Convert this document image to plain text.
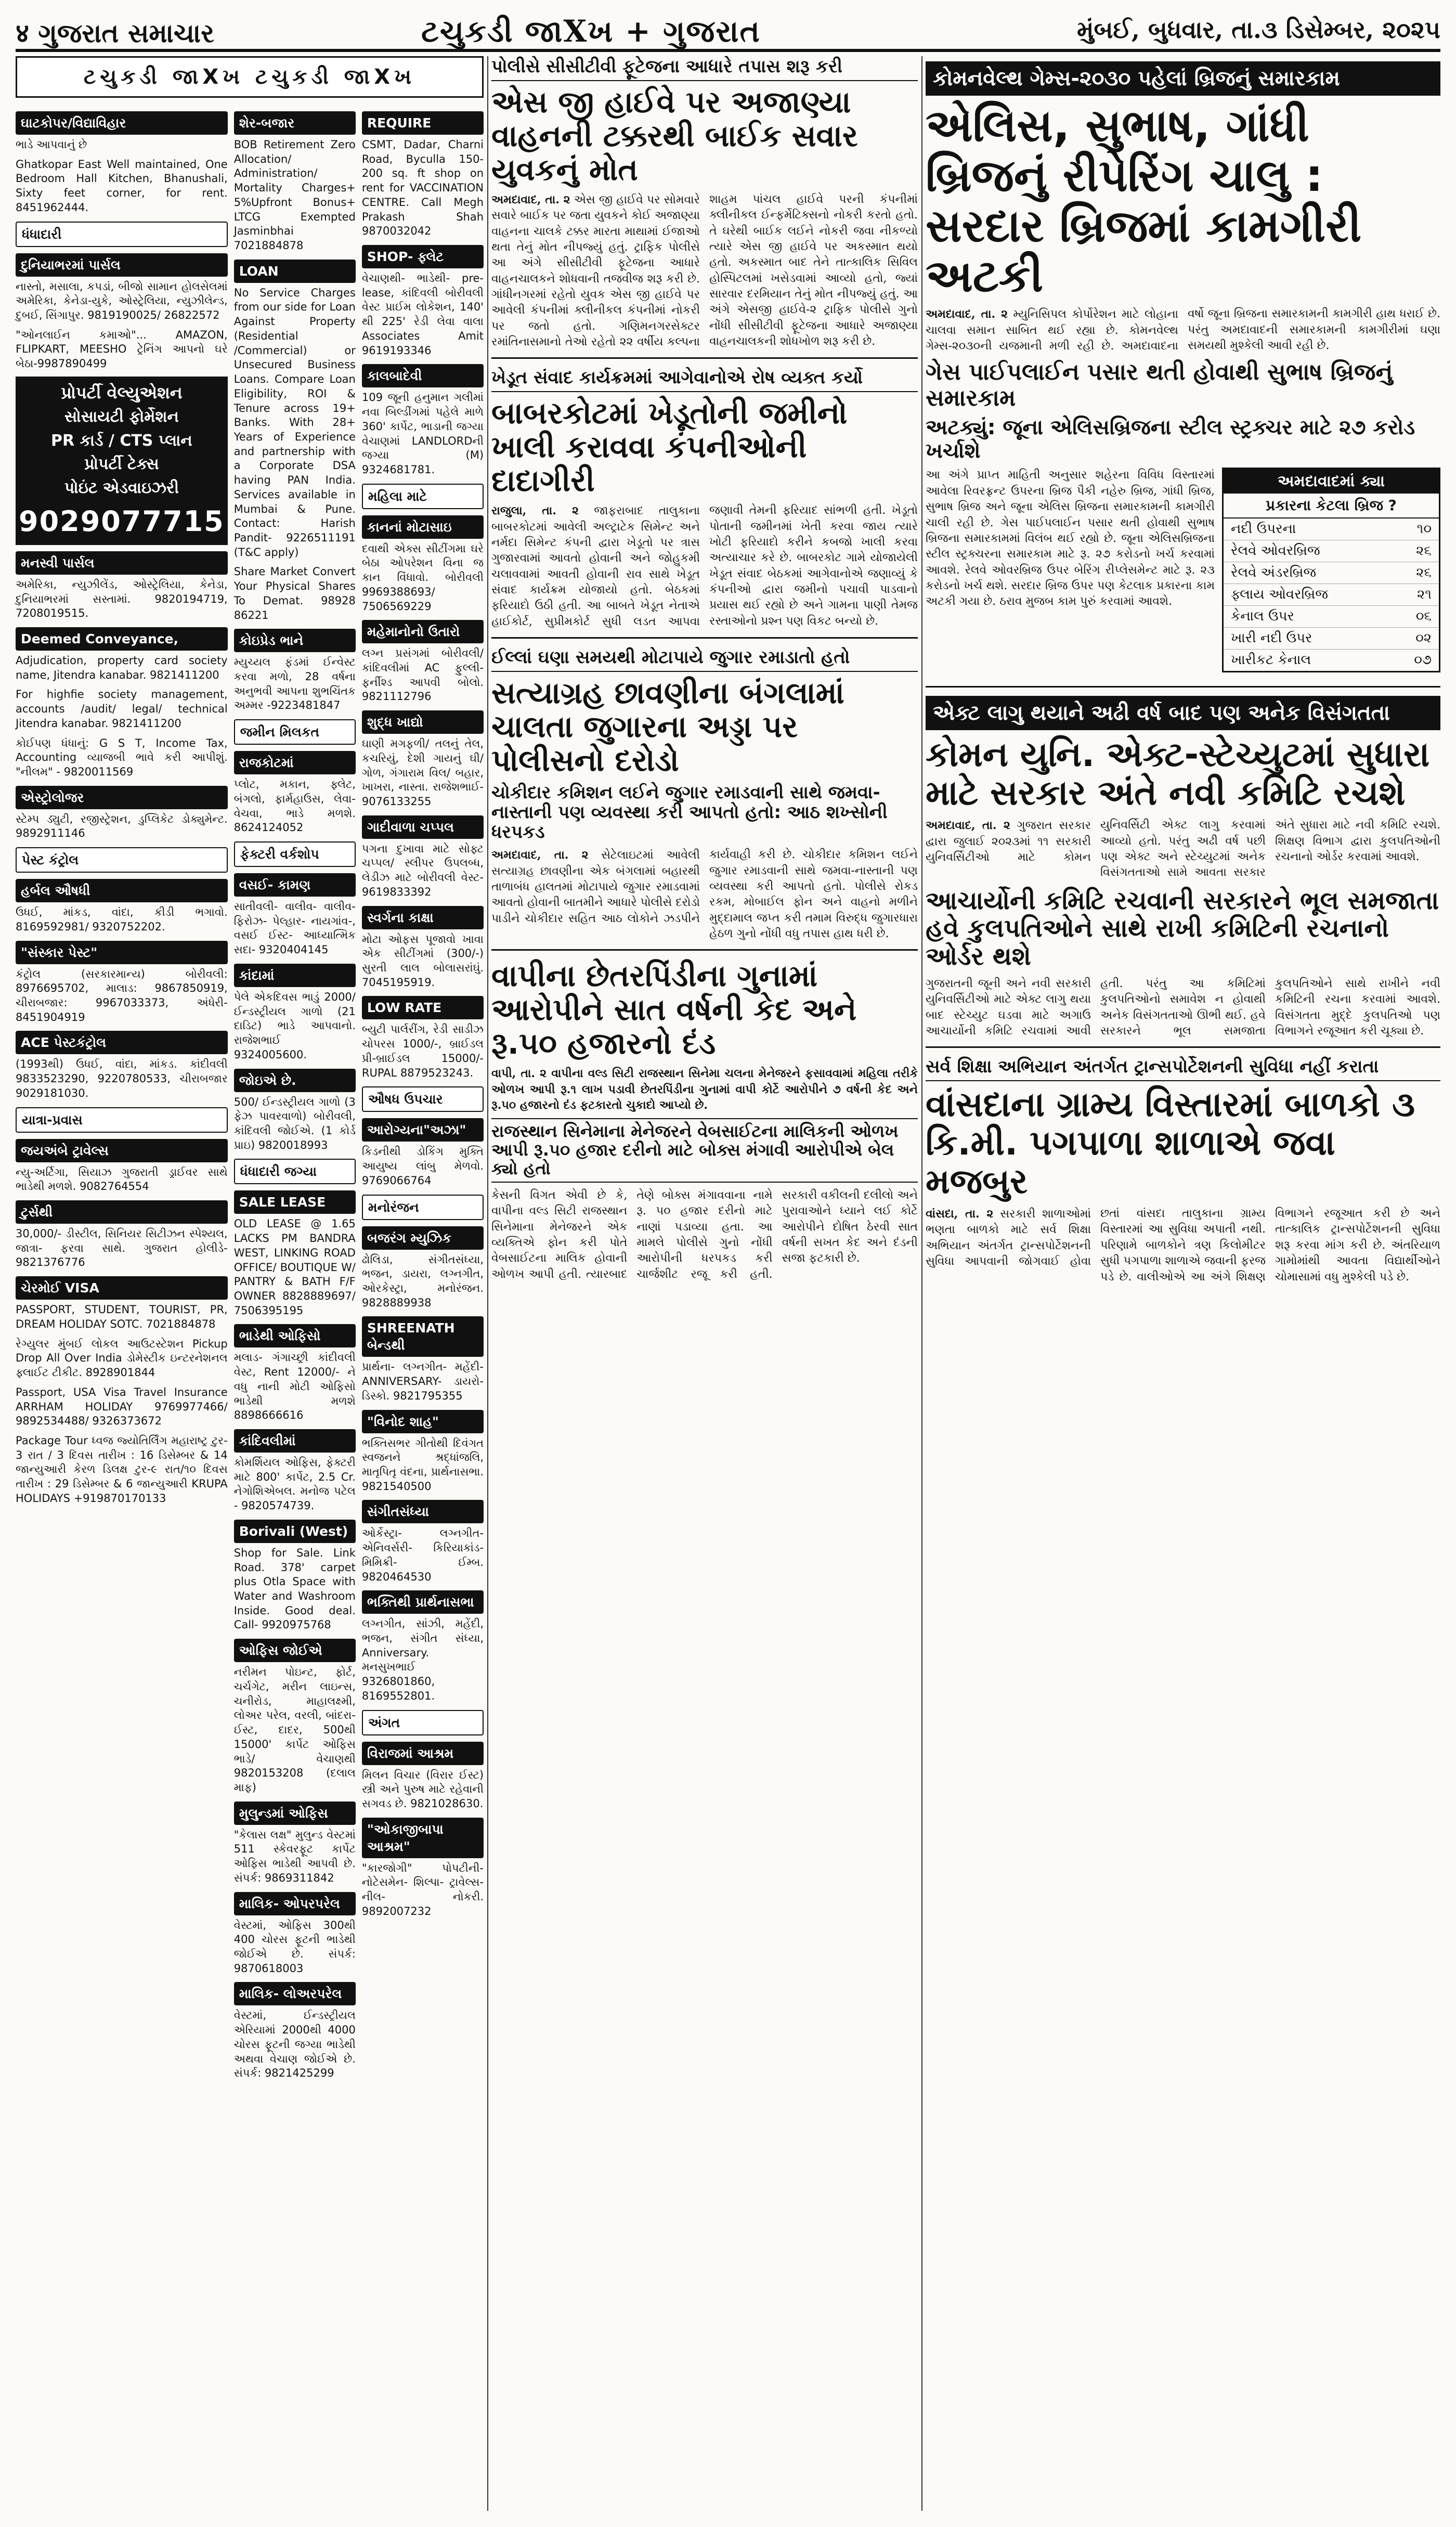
४ ગુજરાત સમાચાર	ટચુકડી જાXખ + ગુજરાત	મુંબઈ, બુધવાર, તા.૩ ડિસેમ્બર, ૨૦૨૫
ટચુકડી જાXખ ટચુકડી જાXખ
ઘાટકોપર/વિદ્યાવિહાર
ભાડે આપવાનું છે
Ghatkopar East Well maintained, One Bedroom Hall Kitchen, Bhanushali, Sixty feet corner, for rent. 8451962444.
ધંધાદારી
દુનિયાભરમાં પાર્સલ
નાસ્તો, મસાલા, કપડાં, બીજો સામાન હોલસેલમાં અમેરિકા, કેનેડા-યુકે, ઓસ્ટ્રેલિયા, ન્યુઝીલેન્ડ, દુબઈ, સિંગાપુર. 9819190025/ 26822572
"ઓનલાઈન કમાઓ"... AMAZON, FLIPKART, MEESHO ટ્રેનિંગ આપનો ઘરે બેઠા-9987890499
પ્રોપર્ટી વેલ્યુએશન
સોસાયટી ફોર્મેશન
PR કાર્ડ / CTS પ્લાન
પ્રોપર્ટી ટેક્સ
પોઇંટ એડવાઇઝરી
9029077715
મનસ્વી પાર્સલ
અમેરિકા, ન્યુઝીલેંડ, ઓસ્ટ્રેલિયા, કેનેડા, દુનિયાભરમાં સસ્તામાં. 9820194719, 7208019515.
Deemed Conveyance,
Adjudication, property card society name, Jitendra kanabar. 9821411200
For highfie society management, accounts /audit/ legal/ technical Jitendra kanabar. 9821411200
કોઈપણ ધંધાનું: G S T, Income Tax, Accounting વ્યાજબી ભાવે કરી આપીશું. "નીલમ" - 9820011569
એસ્ટ્રોલોજર
સ્ટેમ્પ ડ્યુટી, રજીસ્ટ્રેશન, ડુપ્લિકેટ ડોક્યુમેન્ટ. 9892911146
પેસ્ટ કંટ્રોલ
હર્બલ ઔષધી
ઉધઈ, માંકડ, વાંદા, કીડી ભગાવો. 8169592981/ 9320752202.
"સંસ્કાર પેસ્ટ"
કંટ્રોલ (સરકારમાન્ય) બોરીવલી: 8976695702, માલાડ: 9867850919, ચીરાબજાર: 9967033373, અંધેરી- 8451904919
ACE પેસ્ટકંટ્રોલ
(1993થી) ઉધઈ, વાંદા, માંકડ. કાંદીવલી 9833523290, 9220780533, ચીરાબજાર 9029181030.
યાત્રા-પ્રવાસ
જયઅંબે ટ્રાવેલ્સ
ન્યુ-અર્ટિગા, સિયાઝ ગુજરાતી ડ્રાઈવર સાથે ભાડેથી મળશે. 9082764554
ટુર્સથી
30,000/- ડીસ્ટીલ, સિનિયર સિટીઝન સ્પેશ્યલ, જાત્રા- ફરવા સાથે. ગુજરાત હોલીડે- 9821376776
ચેરમોઈ VISA
PASSPORT, STUDENT, TOURIST, PR, DREAM HOLIDAY SOTC. 7021884878
રેગ્યુલર મુંબઈ લોકલ આઉટસ્ટેશન Pickup Drop All Over India ડોમેસ્ટીક ઇન્ટરનેશનલ ફ્લાઈટ ટીકીટ. 8928901844
Passport, USA Visa Travel Insurance ARRHAM HOLIDAY 9769977466/ 9892534488/ 9326373672
Package Tour ધ્વજ જ્યોતિર્લિંગ મહારાષ્ટ્ર ટુર- 3 રાત / 3 દિવસ તારીખ : 16 ડિસેમ્બર & 14 જાન્યુઆરી કેરળ ડિલક્ષ ટુર-૯ રાત/૧૦ દિવસ તારીખ : 29 ડિસેમ્બર & 6 જાન્યુઆરી KRUPA HOLIDAYS +919870170133
શેર-બજાર
BOB Retirement Zero Allocation/ Administration/ Mortality Charges+ 5%Upfront Bonus+ LTCG Exempted Jasminbhai 7021884878
LOAN
No Service Charges from our side for Loan Against Property (Residential /Commercial) or Unsecured Business Loans. Compare Loan Eligibility, ROI & Tenure across 19+ Banks. With 28+ Years of Experience and partnership with a Corporate DSA having PAN India. Services available in Mumbai & Pune. Contact: Harish Pandit- 9226511191 (T&C apply)
Share Market Convert Your Physical Shares To Demat. 98928 86221
કોઇપ્રેડ ભાને
મ્યુચ્યલ ફંડમાં ઈન્વેસ્ટ કરવા મળો, 28 વર્ષના અનુભવી આપના શુભચિંતક અમ્મર -9223481847
જમીન મિલકત
રાજકોટમાં
પ્લોટ, મકાન, ફ્લેટ, બંગલો, ફાર્મહાઉસ, લેવા- વેચવા, ભાડે મળશે. 8624124052
ફેક્ટરી વર્કશોપ
વસઈ- કામણ
સાતીવલી- વાલીવ- વાલીવ- ફિરોઝ- પેલ્હાર- નાયગાંવ-, વસઈ ઈસ્ટ- આધ્યાત્મિક સદા- 9320404145
કાંદામાં
પેલે એકદિવસ ભાડું 2000/ ઈન્ડસ્ટ્રીયલ ગાળો (21 દાડિટ) ભાડે આપવાનો. રાજેશભાઈ 9324005600.
જોઇએ છે.
500/ ઈન્ડસ્ટ્રીયલ ગાળો (3 ફેઝ પાવરવાળો) બોરીવલી, કાંદિવલી જોઈએ. (1 કોર્ડ પ્રાઇ) 9820018993
ધંધાદારી જગ્યા
SALE LEASE
OLD LEASE @ 1.65 LACKS PM BANDRA WEST, LINKING ROAD OFFICE/ BOUTIQUE W/ PANTRY & BATH F/F OWNER 8828889697/ 7506395195
ભાડેથી ઓફિસો
મલાડ- ગંગાચ્છ્રી કાંદીવલી વેસ્ટ, Rent 12000/- ને વધુ નાની મોટી ઓફિસો ભાડેથી મળશે 8898666616
કાંદિવલીમાં
કોમર્શિયલ ઓફિસ, ફેક્ટરી માટે 800' કાર્પેટ, 2.5 Cr. નેગોશિએબલ. મનોજ પટેલ - 9820574739.
Borivali (West)
Shop for Sale. Link Road. 378' carpet plus Otla Space with Water and Washroom Inside. Good deal. Call- 9920975768
ઓફિસ જોઈએ
નરીમન પોઇન્ટ, ફોર્ટ, ચર્ચગેટ, મરીન લાઇન્સ, ચનીરોડ, માહાલક્ષ્મી, લોઅર પરેલ, વરલી, બાંદરા-ઈસ્ટ, દાદર, 500થી 15000' કાર્પેટ ઓફિસ ભાડે/ વેચાણથી 9820153208 (દલાલ માફ)
મુલુન્ડમાં ઓફિસ
"કેલાસ લક્ષ" મુલુન્ડ વેસ્ટમાં 511 સ્કેવરફૂટ કાર્પેટ ઓફિસ ભાડેથી આપવી છે. સંપર્ક: 9869311842
માલિક- ઓપરપરેલ
વેસ્ટમાં, ઓફિસ 300થી 400 ચોરસ ફૂટની ભાડેથી જોઈએ છે. સંપર્ક: 9870618003
માલિક- લોઅરપરેલ
વેસ્ટમાં, ઈન્ડસ્ટ્રીયલ એરિયામાં 2000થી 4000 ચોરસ ફૂટની જગ્યા ભાડેથી અથવા વેચાણ જોઈએ છે. સંપર્ક: 9821425299
REQUIRE
CSMT, Dadar, Charni Road, Byculla 150- 200 sq. ft shop on rent for VACCINATION CENTRE. Call Megh Prakash Shah 9870032042
SHOP- ફ્લેટ
વેચાણથી- ભાડેથી- pre-lease, કાંદિવલી બોરીવલી વેસ્ટ પ્રાઈમ લોકેશન, 140' થી 225' રેડી લેવા વાલા Associates Amit 9619193346
કાલબાદેવી
109 જૂની હનુમાન ગલીમાં નવા બિલ્ડીંગમાં પહેલે માળે 360' કાર્પેટ, ભાડાની જગ્યા વેચાણમાં LANDLORDની જગ્યા (M) 9324681781.
મહિલા માટે
કાનનાં મોટાસાઇ
દવાથી એક્સ સીટીંગમા ઘરે બેઠા ઓપરેશન વિના જ કાન વિંધાવો. બોરીવલી 9969388693/ 7506569229
મહેમાનોનો ઉતારો
લગ્ન પ્રસંગમાં બોરીવલી/ કાંદિવલીમાં AC ફુલ્લી- ફર્નીશ્ડ આપવી બોલો. 9821112796
શુદ્ધ ખાદ્યો
ઘાણી મગફળી/ તલનું તેલ, કચરિયું, દેશી ગાયનું ઘી/ ગોળ, ગંગારામ વિલ/ બહાર, ખાખરા, નાસ્તા. રાજેશભાઈ- 9076133255
ગાદીવાળા ચપ્પલ
પગના દુખાવા માટે સોફ્ટ ચપ્પલ/ સ્લીપર ઉપલબ્ધ, લેડીઝ માટે બોરીવલી વેસ્ટ- 9619833392
સ્વર્ગના કાક્ષા
મોટા ઓફસ પૂજાવો ખાવા એક સીટીંગમાં (300/-) સુરતી લાલ બોલાસરાંઘું. 7045195919.
LOW RATE
બ્યુટી પાર્લરીંગ, રેડી સાડીઝ ચોપરસ 1000/-, બ્રાઈડલ પ્રી-બ્રાઈડલ 15000/- RUPAL 8879523243.
ઔષધ ઉપચાર
આરોગ્યના"અઝા"
કિડનીથી ડોકિંગ મુક્તિ આયુષ્ય લાંબુ મેળવો. 9769066764
મનોરંજન
બજરંગ મ્યુઝિક
ઢોલિડા, સંગીતસંધ્યા, ભજન, ડાયરા, લગ્નગીત, ઓરકેસ્ટ્રા, મનોરંજન. 9828889938
SHREENATH બેન્ડથી
પ્રાર્થના- લગ્નગીત- મહેંદી- ANNIVERSARY- ડાયરો- ડિસ્કો. 9821795355
"વિનોદ શાહ"
ભક્તિસભર ગીતોથી દિવંગત સ્વજનને શ્રદ્ધાંજલિ, માતૃપિતૃ વંદના, પ્રાર્થનાસભા. 9821540500
સંગીતસંધ્યા
ઓર્કેસ્ટ્રા- લગ્નગીત- એનિવર્સરી- કિરિયાકાંડ- મિમિક્રી- ઈમ્બ. 9820464530
ભક્તિથી પ્રાર્થનાસભા
લગ્નગીત, સાંઝી, મહેંદી, ભજન, સંગીત સંધ્યા, Anniversary. મનસુખભાઈ 9326801860, 8169552801.
અંગત
વિરાજમાં આશ્રમ
મિલન વિચાર (વિરાર ઈસ્ટ) સ્ત્રી અને પુરુષ માટે રહેવાની સગવડ છે. 9821028630.
"ઓકાજીબાપા આશ્રમ"
"કારજોગી" પોપટીની- નોટેસમેન- શિલ્પા- ટ્રાવેલ્સ- નીલ- નોકરી. 9892007232
પોલીસે સીસીટીવી ફૂટેજના આધારે તપાસ શરૂ કરી
એસ જી હાઈવે પર અજાણ્યા વાહનની ટક્કરથી બાઈક સવાર યુવકનું મોત
અમદાવાદ, તા. ૨ એસ જી હાઈવે પર સોમવારે સવારે બાઈક પર જતા યુવકને કોઈ અજાણ્યા વાહનના ચાલકે ટક્કર મારતા માથામાં ઈજાઓ થતા તેનું મોત નીપજ્યું હતું. ટ્રાફિક પોલીસે આ અંગે સીસીટીવી ફૂટેજના આધારે વાહનચાલકને શોધવાની તજવીજ શરૂ કરી છે. ગાંધીનગરમાં રહેતો યુવક એસ જી હાઈવે પર આવેલી કંપનીમાં ક્લીનીકલ કંપનીમાં નોકરી પર જતો હતો. ગણિમનગરસેક્ટર રમાંતિનાસમાનો તેઓ રહેતો ૨૨ વર્ષીય કલ્પના શાહમ પાંચલ હાઈવે પરની કંપનીમાં ક્લીનીકલ ઈન્ફર્મેટિક્સનો નોકરી કરતો હતો. તે ઘરેથી બાઈક લઈને નોકરી જવા નીકળ્યો ત્યારે એસ જી હાઈવે પર અકસ્માત થયો હતો. અકસ્માત બાદ તેને તાત્કાલિક સિવિલ હોસ્પિટલમાં ખસેડવામાં આવ્યો હતો, જ્યાં સારવાર દરમિયાન તેનું મોત નીપજ્યું હતું. આ અંગે એસજી હાઈવે-૨ ટ્રાફિક પોલીસે ગુનો નોંધી સીસીટીવી ફૂટેજના આધારે અજાણ્યા વાહનચાલકની શોધખોળ શરૂ કરી છે.
ખેડૂત સંવાદ કાર્યક્રમમાં આગેવાનોએ રોષ વ્યક્ત કર્યો
બાબરકોટમાં ખેડૂતોની જમીનો ખાલી કરાવવા કંપનીઓની દાદાગીરી
રાજુલા, તા. ૨ જાફરાબાદ તાલુકાના બાબરકોટમાં આવેલી અલ્ટ્રાટેક સિમેન્ટ અને નર્મદા સિમેન્ટ કંપની દ્વારા ખેડૂતો પર ત્રાસ ગુજારવામાં આવતો હોવાની અને જોહુકમી ચલાવવામાં આવતી હોવાની રાવ સાથે ખેડૂત સંવાદ કાર્યક્રમ યોજાયો હતો. બેઠકમાં ફરિયાદો ઉઠી હતી. આ બાબતે ખેડૂત નેતાએ હાઈકોર્ટ, સુપ્રીમકોર્ટ સુધી લડત આપવા જણાવી તેમની ફરિયાદ સાંભળી હતી. ખેડૂતો પોતાની જમીનમાં ખેતી કરવા જાય ત્યારે ખોટી ફરિયાદો કરીને કબજો ખાલી કરવા અત્યાચાર કરે છે. બાબરકોટ ગામે યોજાયેલી ખેડૂત સંવાદ બેઠકમાં આગેવાનોએ જણાવ્યું કે કંપનીઓ દ્વારા જમીનો પચાવી પાડવાનો પ્રયાસ થઈ રહ્યો છે અને ગામના પાણી તેમજ રસ્તાઓનો પ્રશ્ન પણ વિકટ બન્યો છે.
ઈલ્લાં ઘણા સમયથી મોટાપાયે જુગાર રમાડાતો હતો
સત્યાગ્રહ છાવણીના બંગલામાં ચાલતા જુગારના અડ્ડા પર પોલીસનો દરોડો
ચોકીદાર કમિશન લઈને જુગાર રમાડવાની સાથે જમવા-નાસ્તાની પણ વ્યવસ્થા કરી આપતો હતો: આઠ શખ્સોની ધરપકડ
અમદાવાદ, તા. ૨ સેટેલાઇટમાં આવેલી સત્યાગ્રહ છાવણીના એક બંગલામાં બહારથી તાળાબંધ હાલતમાં મોટાપાયે જુગાર રમાડવામાં આવતો હોવાની બાતમીને આધારે પોલીસે દરોડો પાડીને ચોકીદાર સહિત આઠ લોકોને ઝડપીને કાર્યવાહી કરી છે. ચોકીદાર કમિશન લઈને જુગાર રમાડવાની સાથે જમવા-નાસ્તાની પણ વ્યવસ્થા કરી આપતો હતો. પોલીસે રોકડ રકમ, મોબાઈલ ફોન અને વાહનો મળીને મુદ્દામાલ જપ્ત કરી તમામ વિરુદ્ધ જુગારધારા હેઠળ ગુનો નોંધી વધુ તપાસ હાથ ધરી છે.
વાપીના છેતરપિંડીના ગુનામાં આરોપીને સાત વર્ષની કેદ અને રૂ.૫૦ હજારનો દંડ
વાપી, તા. ૨ વાપીના વલ્ડ સિટી રાજસ્થાન સિનેમા ચલના મેનેજરને ફસાવવામાં મહિલા તરીકે ઓળખ આપી રૂ.૧ લાખ પડાવી છેતરપિંડીના ગુનામાં વાપી કોર્ટે આરોપીને ૭ વર્ષની કેદ અને રૂ.૫૦ હજારનો દંડ ફટકારતો ચુકાદો આપ્યો છે.
રાજસ્થાન સિનેમાના મેનેજરને વેબસાઈટના માલિકની ઓળખ આપી રૂ.૫૦ હજાર દરીનો માટે બોક્સ મંગાવી આરોપીએ બેલ ક્યો હતો
કેસની વિગત એવી છે કે, વાપીના વલ્ડ સિટી રાજસ્થાન સિનેમાના મેનેજરને એક વ્યક્તિએ ફોન કરી પોતે વેબસાઈટના માલિક હોવાની ઓળખ આપી હતી. ત્યારબાદ તેણે બોક્સ મંગાવવાના નામે રૂ. ૫૦ હજાર દરીનો માટે નાણાં પડાવ્યા હતા. આ મામલે પોલીસે ગુનો નોંધી આરોપીની ધરપકડ કરી ચાર્જશીટ રજૂ કરી હતી. સરકારી વકીલની દલીલો અને પુરાવાઓને ધ્યાને લઈ કોર્ટે આરોપીને દોષિત ઠેરવી સાત વર્ષની સખત કેદ અને દંડની સજા ફટકારી છે.
કોમનવેલ્થ ગેમ્સ-૨૦૩૦ પહેલાં બ્રિજનું સમારકામ
એલિસ, સુભાષ, ગાંધી બ્રિજનું રીપેરિંગ ચાલુ : સરદાર બ્રિજમાં કામગીરી અટકી
અમદાવાદ, તા. ૨ મ્યુનિસિપલ કોર્પોરેશન માટે લોહાના ચાલવા સમાન સાબિત થઈ રહ્યા છે. કોમનવેલ્થ ગેમ્સ-૨૦૩૦ની યજમાની મળી રહી છે. અમદાવાદના વર્ષો જૂના બ્રિજના સમારકામની કામગીરી હાથ ધરાઈ છે. પરંતુ અમદાવાદની સમારકામની કામગીરીમાં ઘણા સમયથી મુશ્કેલી આવી રહી છે.
ગેસ પાઈપલાઈન પસાર થતી હોવાથી સુભાષ બ્રિજનું સમારકામ
અટક્યું: જૂના એલિસબ્રિજના સ્ટીલ સ્ટ્રક્ચર માટે ૨૭ કરોડ ખર્ચાશે
અમદાવાદમાં ક્યા
પ્રકારના કેટલા બ્રિજ ?
નદી ઉપરના	૧૦
રેલવે ઓવરબ્રિજ	૨૬
રેલવે અંડરબ્રિજ	૨૬
ફ્લાય ઓવરબ્રિજ	૨૧
કેનાલ ઉપર	૦૬
ખારી નદી ઉપર	૦૨
ખારીકટ કેનાલ	૦૭
આ અંગે પ્રાપ્ત માહિતી અનુસાર શહેરના વિવિધ વિસ્તારમાં આવેલા રિવરફ્રન્ટ ઉપરના બ્રિજ પૈકી નહેરુ બ્રિજ, ગાંધી બ્રિજ, સુભાષ બ્રિજ અને જૂના એલિસ બ્રિજના સમારકામની કામગીરી ચાલી રહી છે. ગેસ પાઈપલાઈન પસાર થતી હોવાથી સુભાષ બ્રિજના સમારકામમાં વિલંબ થઈ રહ્યો છે. જૂના એલિસબ્રિજના સ્ટીલ સ્ટ્રક્ચરના સમારકામ માટે રૂ. ૨૭ કરોડનો ખર્ચ કરવામાં આવશે. રેલવે ઓવરબ્રિજ ઉપર બેરિંગ રીપ્લેસમેન્ટ માટે રૂ. ૨૩ કરોડનો ખર્ચ થશે. સરદાર બ્રિજ ઉપર પણ કેટલાક પ્રકારના કામ અટકી ગયા છે. ઠરાવ મુજબ કામ પુરું કરવામાં આવશે.
એક્ટ લાગુ થયાને અઢી વર્ષ બાદ પણ અનેક વિસંગતતા
કોમન યુનિ. એક્ટ-સ્ટેચ્યુટમાં સુધારા માટે સરકાર અંતે નવી કમિટિ રચશે
અમદાવાદ, તા. ૨ ગુજરાત સરકાર દ્વારા જુલાઈ ૨૦૨૩માં ૧૧ સરકારી યુનિવર્સિટીઓ માટે કોમન યુનિવર્સિટી એક્ટ લાગુ કરવામાં આવ્યો હતો. પરંતુ અઢી વર્ષ પછી પણ એક્ટ અને સ્ટેચ્યુટમાં અનેક વિસંગતતાઓ સામે આવતા સરકાર અંતે સુધારા માટે નવી કમિટિ રચશે. શિક્ષણ વિભાગ દ્વારા કુલપતિઓની રચનાનો ઓર્ડર કરવામાં આવશે.
આચાર્યોની કમિટિ રચવાની સરકારને ભૂલ સમજાતા હવે કુલપતિઓને સાથે રાખી કમિટિની રચનાનો ઓર્ડર થશે
ગુજરાતની જૂની અને નવી સરકારી યુનિવર્સિટીઓ માટે એક્ટ લાગુ થયા બાદ સ્ટેચ્યુટ ઘડવા માટે અગાઉ આચાર્યોની કમિટિ રચવામાં આવી હતી. પરંતુ આ કમિટિમાં કુલપતિઓનો સમાવેશ ન હોવાથી અનેક વિસંગતતાઓ ઊભી થઈ. હવે સરકારને ભૂલ સમજાતા કુલપતિઓને સાથે રાખીને નવી કમિટિની રચના કરવામાં આવશે. વિસંગતતા મુદ્દે કુલપતિઓ પણ વિભાગને રજૂઆત કરી ચૂક્યા છે.
સર્વ શિક્ષા અભિયાન અંતર્ગત ટ્રાન્સપોર્ટેશનની સુવિધા નહીં કરાતા
વાંસદાના ગ્રામ્ય વિસ્તારમાં બાળકો ૩ કિ.મી. પગપાળા શાળાએ જવા મજબુર
વાંસદા, તા. ૨ સરકારી શાળાઓમાં ભણતા બાળકો માટે સર્વ શિક્ષા અભિયાન અંતર્ગત ટ્રાન્સપોર્ટેશનની સુવિધા આપવાની જોગવાઈ હોવા છતાં વાંસદા તાલુકાના ગ્રામ્ય વિસ્તારમાં આ સુવિધા અપાતી નથી. પરિણામે બાળકોને ત્રણ કિલોમીટર સુધી પગપાળા શાળાએ જવાની ફરજ પડે છે. વાલીઓએ આ અંગે શિક્ષણ વિભાગને રજૂઆત કરી છે અને તાત્કાલિક ટ્રાન્સપોર્ટેશનની સુવિધા શરૂ કરવા માંગ કરી છે. અંતરિયાળ ગામોમાંથી આવતા વિદ્યાર્થીઓને ચોમાસામાં વધુ મુશ્કેલી પડે છે.
